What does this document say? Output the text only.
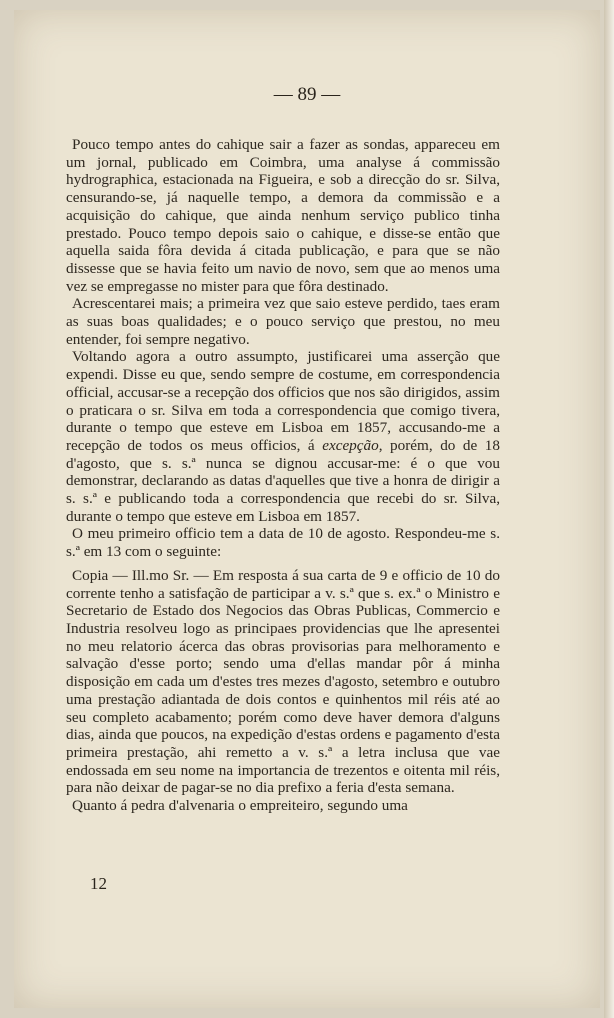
— 89 —

Pouco tempo antes do cahique sair a fazer as sondas, appareceu em um jornal, publicado em Coimbra, uma analyse á commissão hydrographica, estacionada na Figueira, e sob a direcção do sr. Silva, censurando-se, já naquelle tempo, a demora da commissão e a acquisição do cahique, que ainda nenhum serviço publico tinha prestado. Pouco tempo depois saio o cahique, e disse-se então que aquella saida fôra devida á citada publicação, e para que se não dissesse que se havia feito um navio de novo, sem que ao menos uma vez se empregasse no mister para que fôra destinado.

Acrescentarei mais; a primeira vez que saio esteve perdido, taes eram as suas boas qualidades; e o pouco serviço que prestou, no meu entender, foi sempre negativo.

Voltando agora a outro assumpto, justificarei uma asserção que expendi. Disse eu que, sendo sempre de costume, em correspondencia official, accusar-se a recepção dos officios que nos são dirigidos, assim o praticara o sr. Silva em toda a correspondencia que comigo tivera, durante o tempo que esteve em Lisboa em 1857, accusando-me a recepção de todos os meus officios, á excepção, porém, do de 18 d'agosto, que s. s.ª nunca se dignou accusar-me: é o que vou demonstrar, declarando as datas d'aquelles que tive a honra de dirigir a s. s.ª e publicando toda a correspondencia que recebi do sr. Silva, durante o tempo que esteve em Lisboa em 1857.

O meu primeiro officio tem a data de 10 de agosto. Respondeu-me s. s.ª em 13 com o seguinte:

Copia — Ill.mo Sr. — Em resposta á sua carta de 9 e officio de 10 do corrente tenho a satisfação de participar a v. s.ª que s. ex.ª o Ministro e Secretario de Estado dos Negocios das Obras Publicas, Commercio e Industria resolveu logo as principaes providencias que lhe apresentei no meu relatorio ácerca das obras provisorias para melhoramento e salvação d'esse porto; sendo uma d'ellas mandar pôr á minha disposição em cada um d'estes tres mezes d'agosto, setembro e outubro uma prestação adiantada de dois contos e quinhentos mil réis até ao seu completo acabamento; porém como deve haver demora d'alguns dias, ainda que poucos, na expedição d'estas ordens e pagamento d'esta primeira prestação, ahi remetto a v. s.ª a letra inclusa que vae endossada em seu nome na importancia de trezentos e oitenta mil réis, para não deixar de pagar-se no dia prefixo a feria d'esta semana.

Quanto á pedra d'alvenaria o empreiteiro, segundo uma

12
